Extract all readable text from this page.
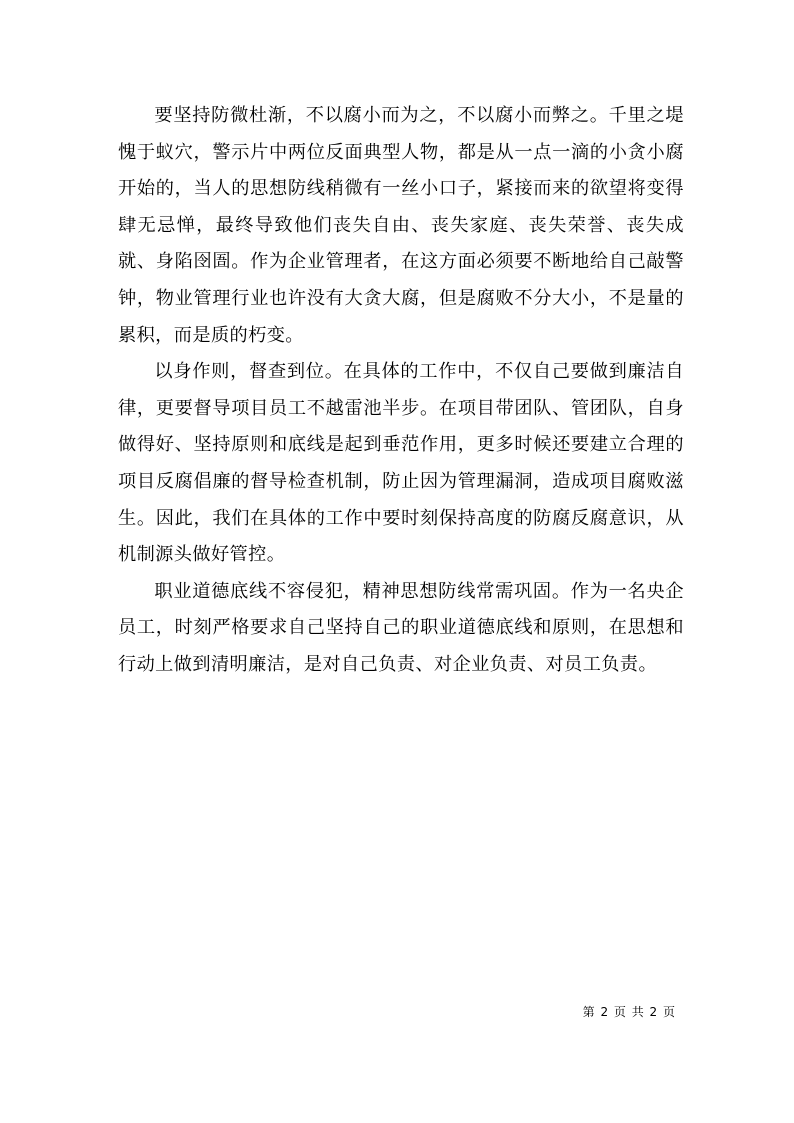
要坚持防微杜渐，不以腐小而为之，不以腐小而弊之。千里之堤愧于蚁穴，警示片中两位反面典型人物，都是从一点一滴的小贪小腐开始的，当人的思想防线稍微有一丝小口子，紧接而来的欲望将变得肆无忌惮，最终导致他们丧失自由、丧失家庭、丧失荣誉、丧失成就、身陷囹圄。作为企业管理者，在这方面必须要不断地给自己敲警钟，物业管理行业也许没有大贪大腐，但是腐败不分大小，不是量的累积，而是质的朽变。

以身作则，督查到位。在具体的工作中，不仅自己要做到廉洁自律，更要督导项目员工不越雷池半步。在项目带团队、管团队，自身做得好、坚持原则和底线是起到垂范作用，更多时候还要建立合理的项目反腐倡廉的督导检查机制，防止因为管理漏洞，造成项目腐败滋生。因此，我们在具体的工作中要时刻保持高度的防腐反腐意识，从机制源头做好管控。

职业道德底线不容侵犯，精神思想防线常需巩固。作为一名央企员工，时刻严格要求自己坚持自己的职业道德底线和原则，在思想和行动上做到清明廉洁，是对自己负责、对企业负责、对员工负责。

第 2 页 共 2 页
